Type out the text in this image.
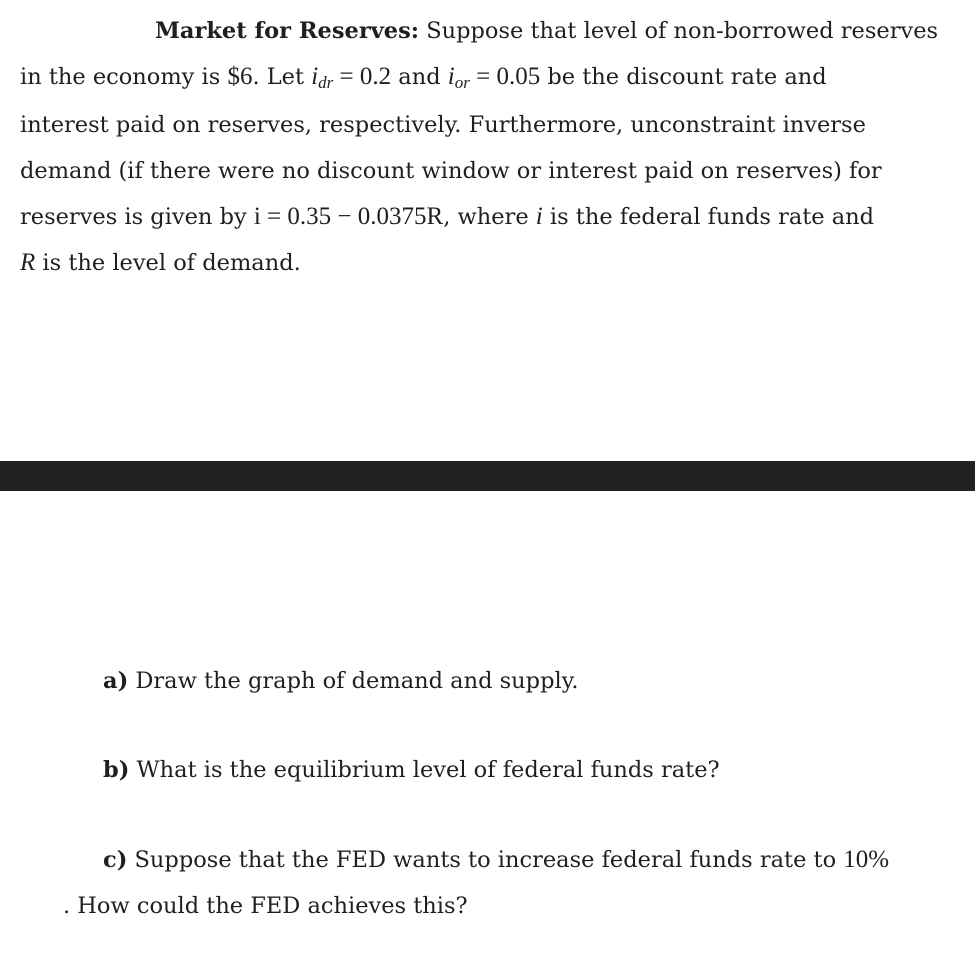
Market for Reserves: Suppose that level of non-borrowed reserves
in the economy is $6. Let idr = 0.2 and ior = 0.05 be the discount rate and
interest paid on reserves, respectively. Furthermore, unconstraint inverse
demand (if there were no discount window or interest paid on reserves) for
reserves is given by i = 0.35 − 0.0375R, where i is the federal funds rate and
R is the level of demand.

a) Draw the graph of demand and supply.

b) What is the equilibrium level of federal funds rate?

c) Suppose that the FED wants to increase federal funds rate to 10%

. How could the FED achieves this?
